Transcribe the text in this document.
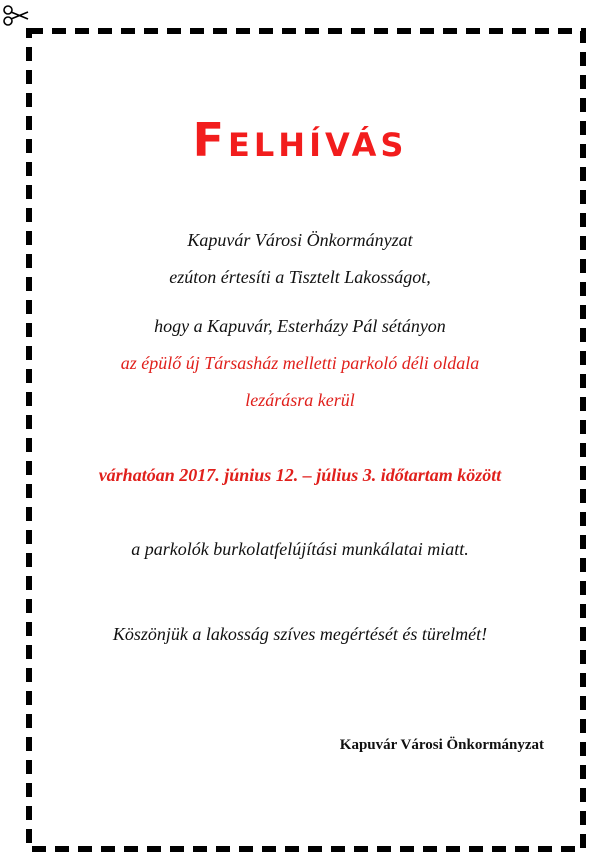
Felhívás
Kapuvár Városi Önkormányzat
ezúton értesíti a Tisztelt Lakosságot,
hogy a Kapuvár, Esterházy Pál sétányon
az épülő új Társasház melletti parkoló déli oldala
lezárásra kerül
várhatóan 2017. június 12. – július 3. időtartam között
a parkolók burkolatfelújítási munkálatai miatt.
Köszönjük a lakosság szíves megértését és türelmét!
Kapuvár Városi Önkormányzat
